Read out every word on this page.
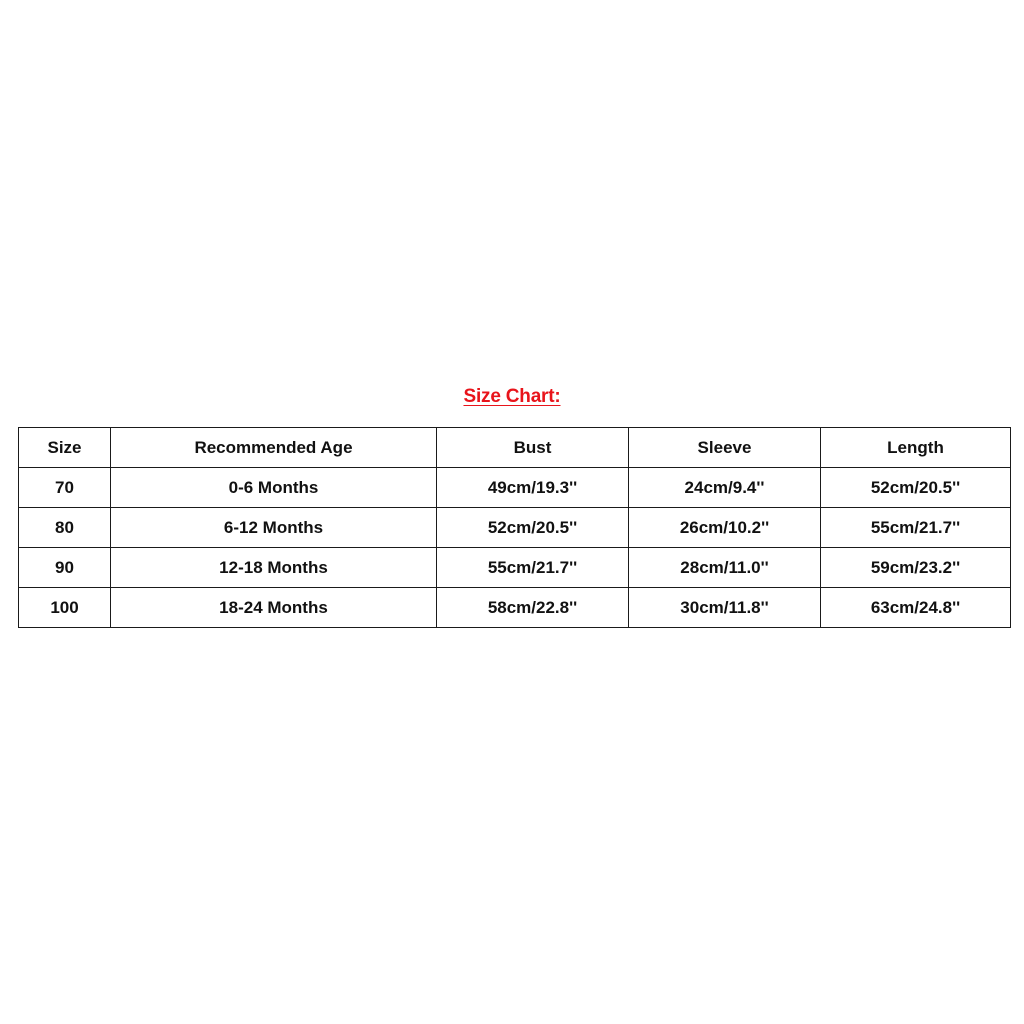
Size Chart:
Size	Recommended Age	Bust	Sleeve	Length
70	0-6 Months	49cm/19.3''	24cm/9.4''	52cm/20.5''
80	6-12 Months	52cm/20.5''	26cm/10.2''	55cm/21.7''
90	12-18 Months	55cm/21.7''	28cm/11.0''	59cm/23.2''
100	18-24 Months	58cm/22.8''	30cm/11.8''	63cm/24.8''
